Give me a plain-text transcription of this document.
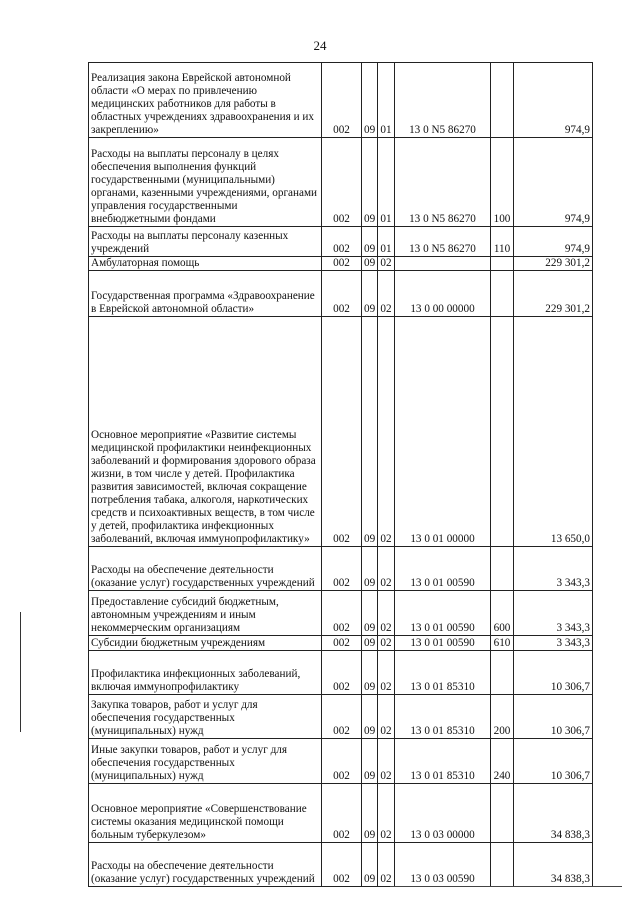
24
Реализация закона Еврейской автономной области «О мерах по привлечению медицинских работников для работы в областных учреждениях здравоохранения и их закреплению»	002	09	01	13 0 N5 86270		974,9
Расходы на выплаты персоналу в целях обеспечения выполнения функций государственными (муниципальными) органами, казенными учреждениями, органами управления государственными внебюджетными фондами	002	09	01	13 0 N5 86270	100	974,9
Расходы на выплаты персоналу казенных учреждений	002	09	01	13 0 N5 86270	110	974,9
Амбулаторная помощь	002	09	02			229 301,2
Государственная программа «Здравоохранение в Еврейской автономной области»	002	09	02	13 0 00 00000		229 301,2
Основное мероприятие «Развитие системы медицинской профилактики неинфекционных заболеваний и формирования здорового образа жизни, в том числе у детей. Профилактика развития зависимостей, включая сокращение потребления табака, алкоголя, наркотических средств и психоактивных веществ, в том числе у детей, профилактика инфекционных заболеваний, включая иммунопрофилактику»	002	09	02	13 0 01 00000		13 650,0
Расходы на обеспечение деятельности (оказание услуг) государственных учреждений	002	09	02	13 0 01 00590		3 343,3
Предоставление субсидий бюджетным, автономным учреждениям и иным некоммерческим организациям	002	09	02	13 0 01 00590	600	3 343,3
Субсидии бюджетным учреждениям	002	09	02	13 0 01 00590	610	3 343,3
Профилактика инфекционных заболеваний, включая иммунопрофилактику	002	09	02	13 0 01 85310		10 306,7
Закупка товаров, работ и услуг для обеспечения государственных (муниципальных) нужд	002	09	02	13 0 01 85310	200	10 306,7
Иные закупки товаров, работ и услуг для обеспечения государственных (муниципальных) нужд	002	09	02	13 0 01 85310	240	10 306,7
Основное мероприятие «Совершенствование системы оказания медицинской помощи больным туберкулезом»	002	09	02	13 0 03 00000		34 838,3
Расходы на обеспечение деятельности (оказание услуг) государственных учреждений	002	09	02	13 0 03 00590		34 838,3
